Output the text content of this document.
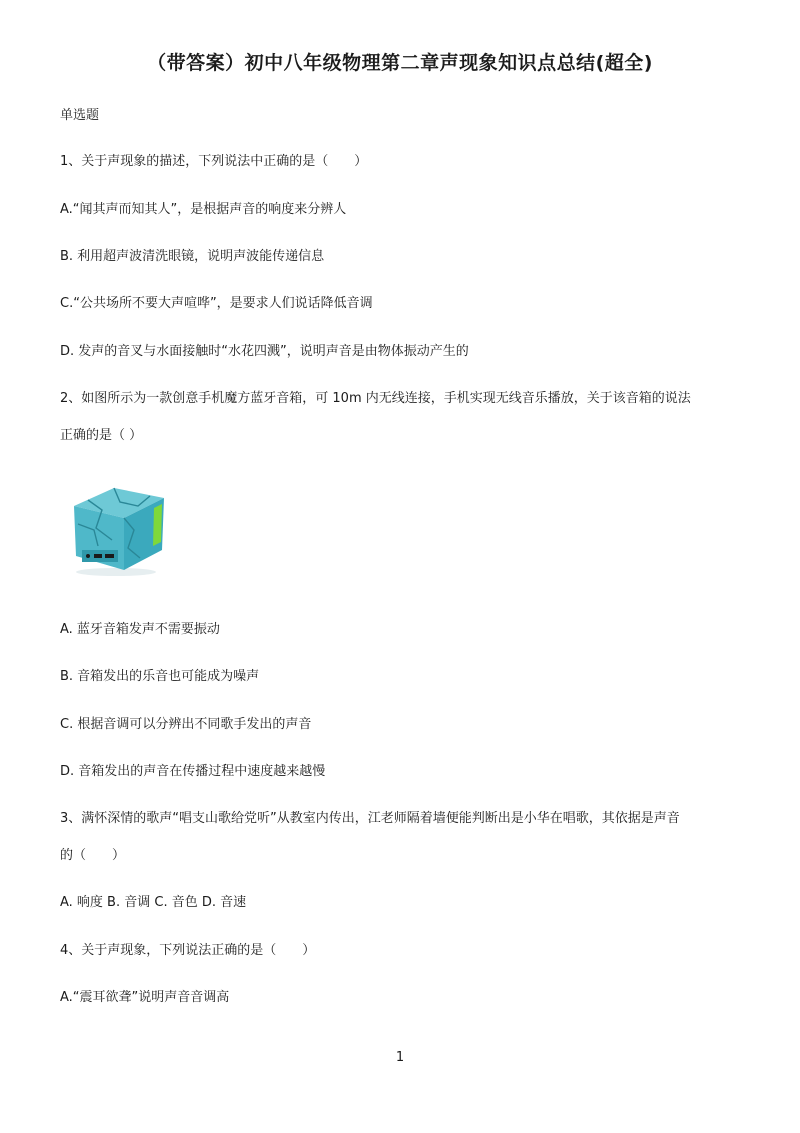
（带答案）初中八年级物理第二章声现象知识点总结(超全)
单选题
1、关于声现象的描述，下列说法中正确的是（　　）
A.“闻其声而知其人”，是根据声音的响度来分辨人
B. 利用超声波清洗眼镜，说明声波能传递信息
C.“公共场所不要大声喧哗”，是要求人们说话降低音调
D. 发声的音叉与水面接触时“水花四溅”，说明声音是由物体振动产生的
2、如图所示为一款创意手机魔方蓝牙音箱，可 10m 内无线连接，手机实现无线音乐播放，关于该音箱的说法
正确的是（ ）
A. 蓝牙音箱发声不需要振动
B. 音箱发出的乐音也可能成为噪声
C. 根据音调可以分辨出不同歌手发出的声音
D. 音箱发出的声音在传播过程中速度越来越慢
3、满怀深情的歌声“唱支山歌给党听”从教室内传出，江老师隔着墙便能判断出是小华在唱歌，其依据是声音
的（　　）
A. 响度 B. 音调 C. 音色 D. 音速
4、关于声现象，下列说法正确的是（　　）
A.“震耳欲聋”说明声音音调高
1
